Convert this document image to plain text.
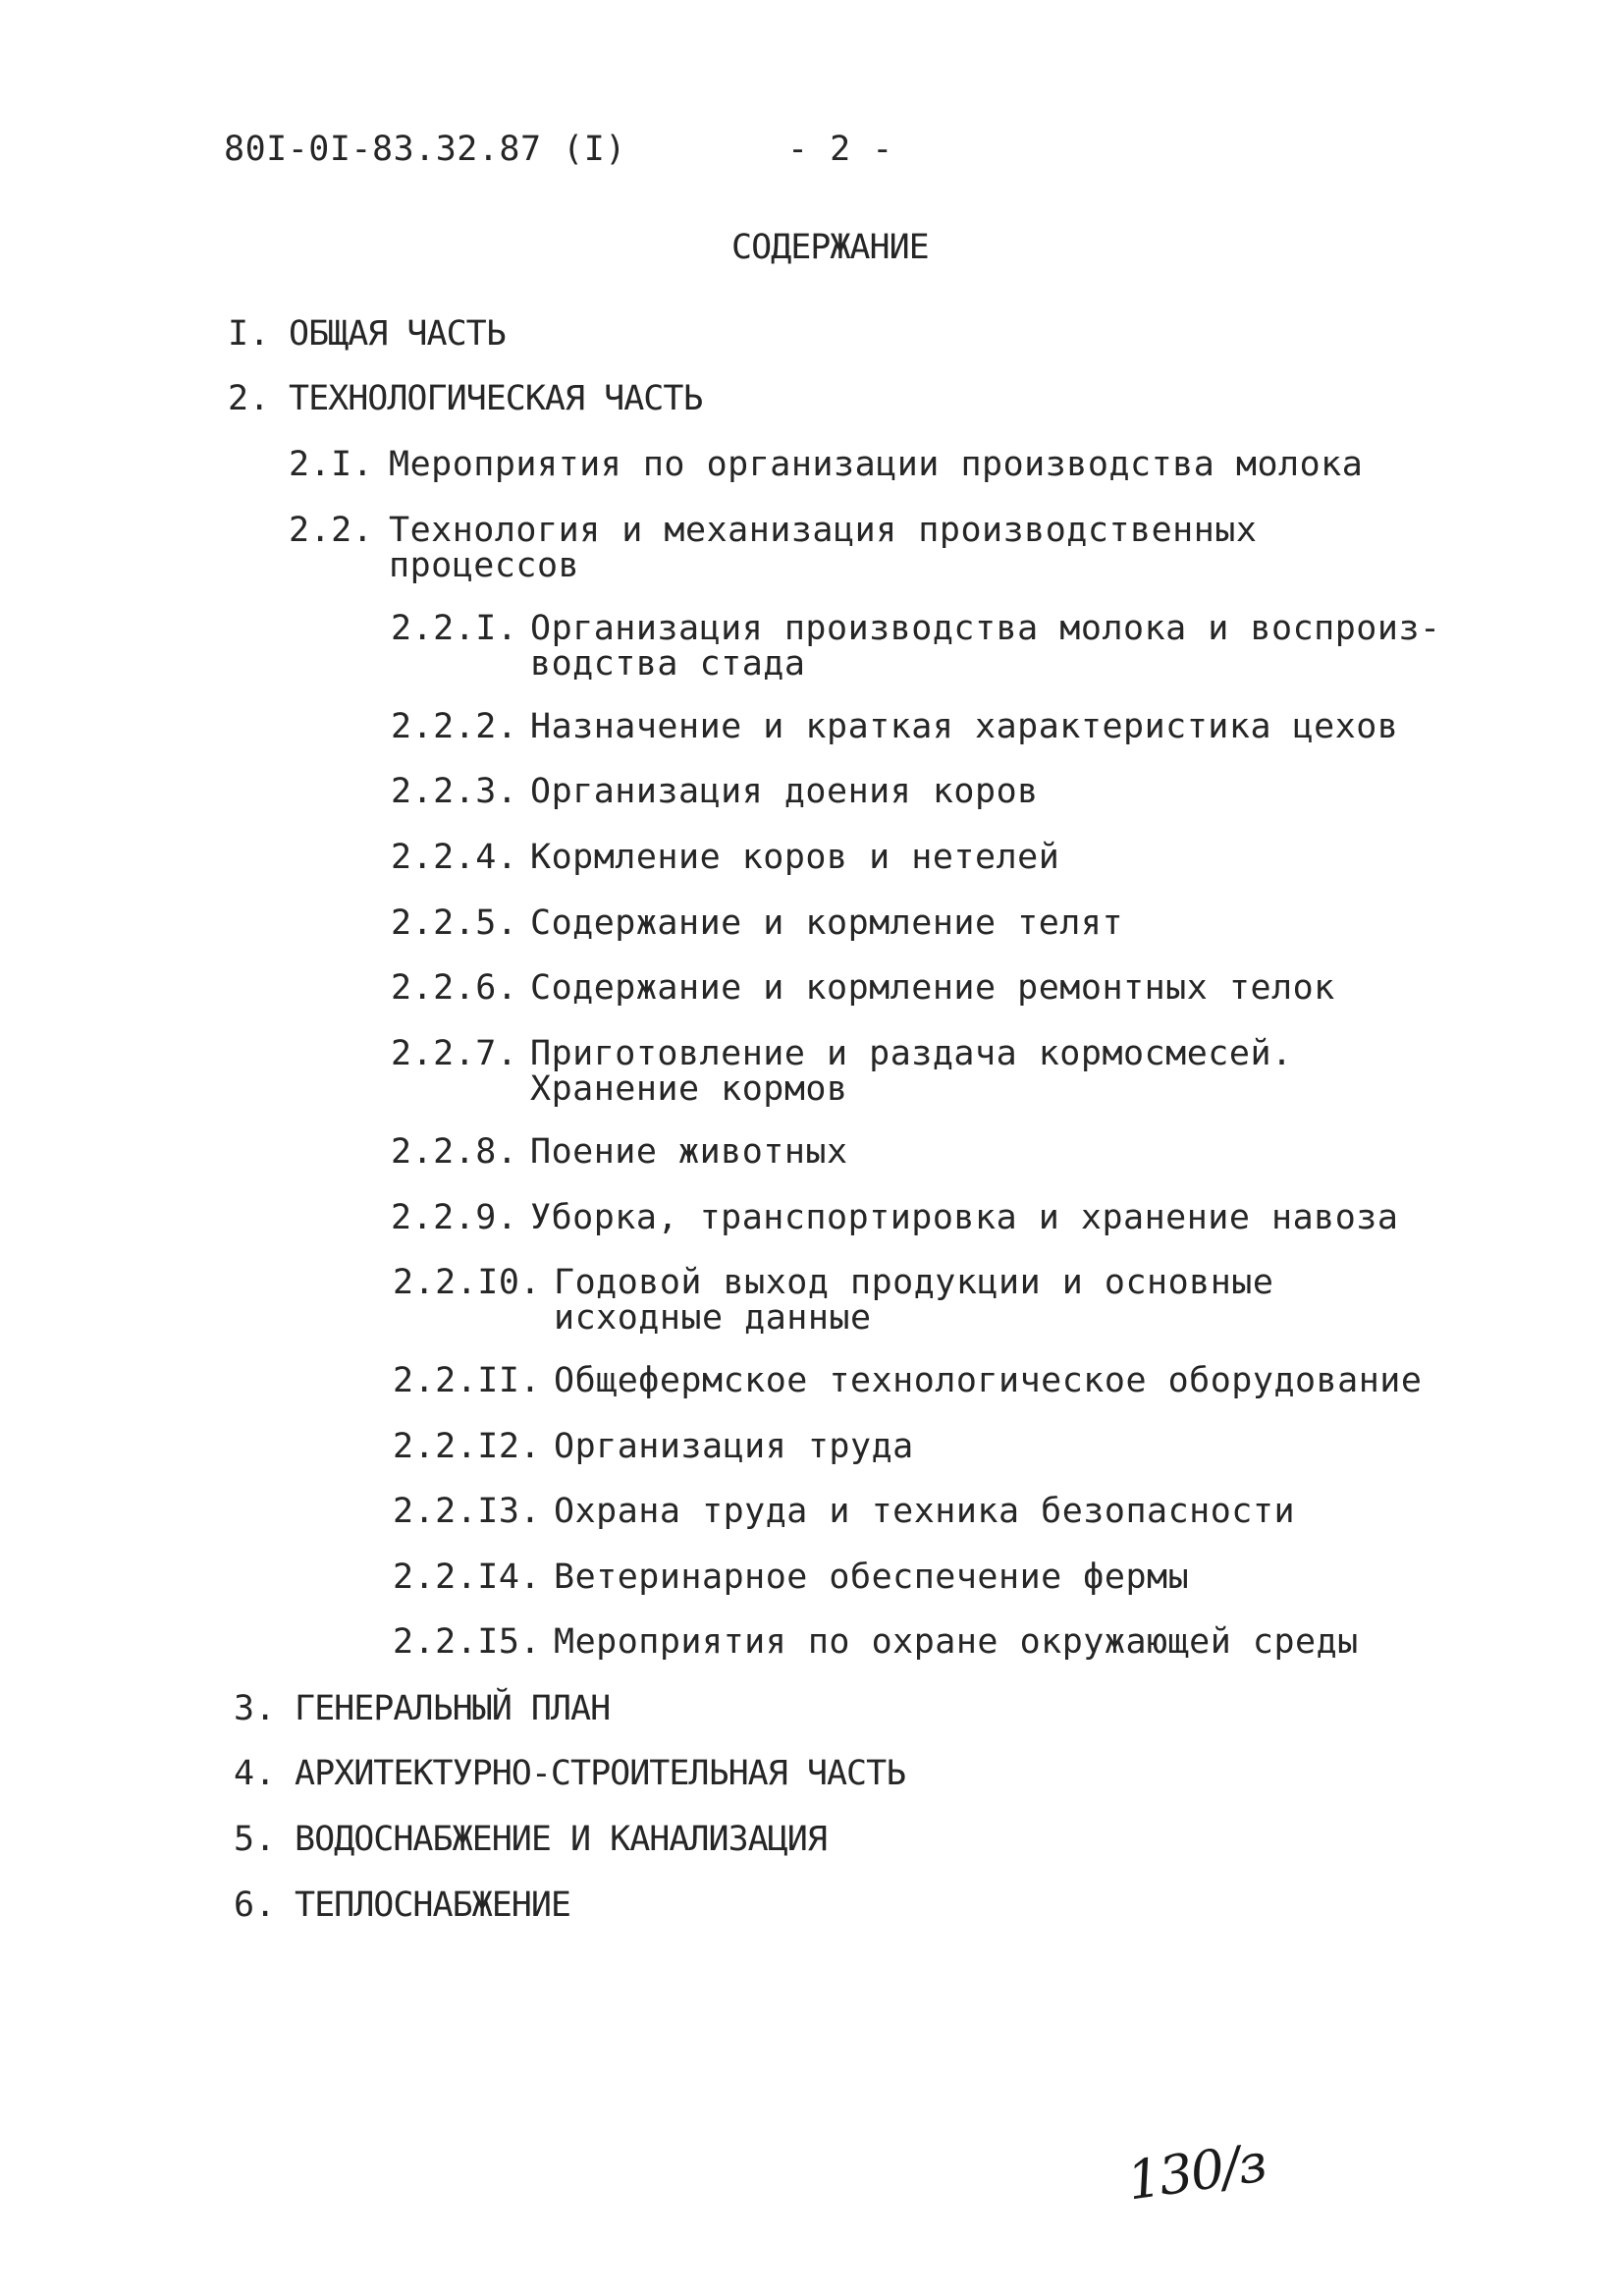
80I-0I-83.32.87 (I)	- 2 -
СОДЕРЖАНИЕ
I. ОБЩАЯ ЧАСТЬ
2. ТЕХНОЛОГИЧЕСКАЯ ЧАСТЬ
2.I. Мероприятия по организации производства молока
2.2. Технология и механизация производственных
процессов
2.2.I. Организация производства молока и воспроиз-
водства стада
2.2.2. Назначение и краткая характеристика цехов
2.2.3. Организация доения коров
2.2.4. Кормление коров и нетелей
2.2.5. Содержание и кормление телят
2.2.6. Содержание и кормление ремонтных телок
2.2.7. Приготовление и раздача кормосмесей.
Хранение кормов
2.2.8. Поение животных
2.2.9. Уборка, транспортировка и хранение навоза
2.2.I0. Годовой выход продукции и основные
исходные данные
2.2.II. Общефермское технологическое оборудование
2.2.I2. Организация труда
2.2.I3. Охрана труда и техника безопасности
2.2.I4. Ветеринарное обеспечение фермы
2.2.I5. Мероприятия по охране окружающей среды
3. ГЕНЕРАЛЬНЫЙ ПЛАН
4. АРХИТЕКТУРНО-СТРОИТЕЛЬНАЯ ЧАСТЬ
5. ВОДОСНАБЖЕНИЕ И КАНАЛИЗАЦИЯ
6. ТЕПЛОСНАБЖЕНИЕ
130/з
